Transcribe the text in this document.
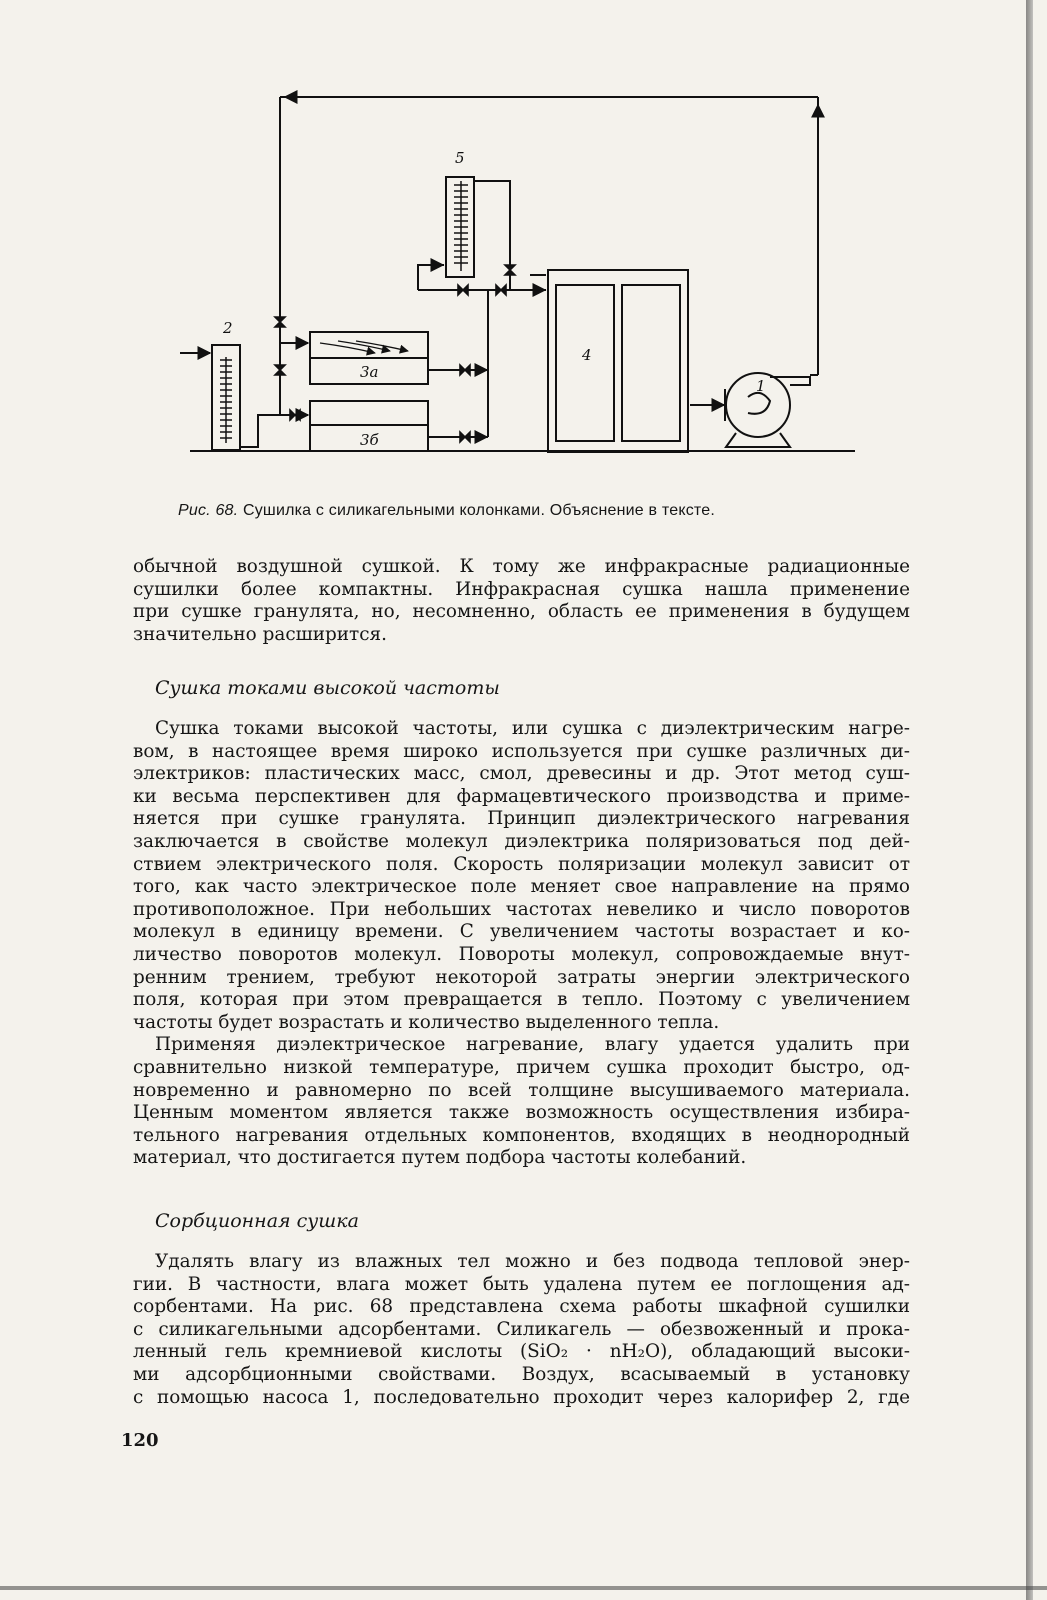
5
2
3а
3б
4
1
Рис. 68. Сушилка с силикагельными колонками. Объяснение в тексте.

обычной воздушной сушкой. К тому же инфракрасные радиационные

сушилки более компактны. Инфракрасная сушка нашла применение

при сушке гранулята, но, несомненно, область ее применения в будущем

значительно расширится.

Сушка токами высокой частоты

Сушка токами высокой частоты, или сушка с диэлектрическим нагре-

вом, в настоящее время широко используется при сушке различных ди-

электриков: пластических масс, смол, древесины и др. Этот метод суш-

ки весьма перспективен для фармацевтического производства и приме-

няется при сушке гранулята. Принцип диэлектрического нагревания

заключается в свойстве молекул диэлектрика поляризоваться под дей-

ствием электрического поля. Скорость поляризации молекул зависит от

того, как часто электрическое поле меняет свое направление на прямо

противоположное. При небольших частотах невелико и число поворотов

молекул в единицу времени. С увеличением частоты возрастает и ко-

личество поворотов молекул. Повороты молекул, сопровождаемые внут-

ренним трением, требуют некоторой затраты энергии электрического

поля, которая при этом превращается в тепло. Поэтому с увеличением

частоты будет возрастать и количество выделенного тепла.

Применяя диэлектрическое нагревание, влагу удается удалить при

сравнительно низкой температуре, причем сушка проходит быстро, од-

новременно и равномерно по всей толщине высушиваемого материала.

Ценным моментом является также возможность осуществления избира-

тельного нагревания отдельных компонентов, входящих в неоднородный

материал, что достигается путем подбора частоты колебаний.

Сорбционная сушка

Удалять влагу из влажных тел можно и без подвода тепловой энер-

гии. В частности, влага может быть удалена путем ее поглощения ад-

сорбентами. На рис. 68 представлена схема работы шкафной сушилки

с силикагельными адсорбентами. Силикагель — обезвоженный и прока-

ленный гель кремниевой кислоты (SiO₂ · nH₂O), обладающий высоки-

ми адсорбционными свойствами. Воздух, всасываемый в установку

с помощью насоса 1, последовательно проходит через калорифер 2, где

120
